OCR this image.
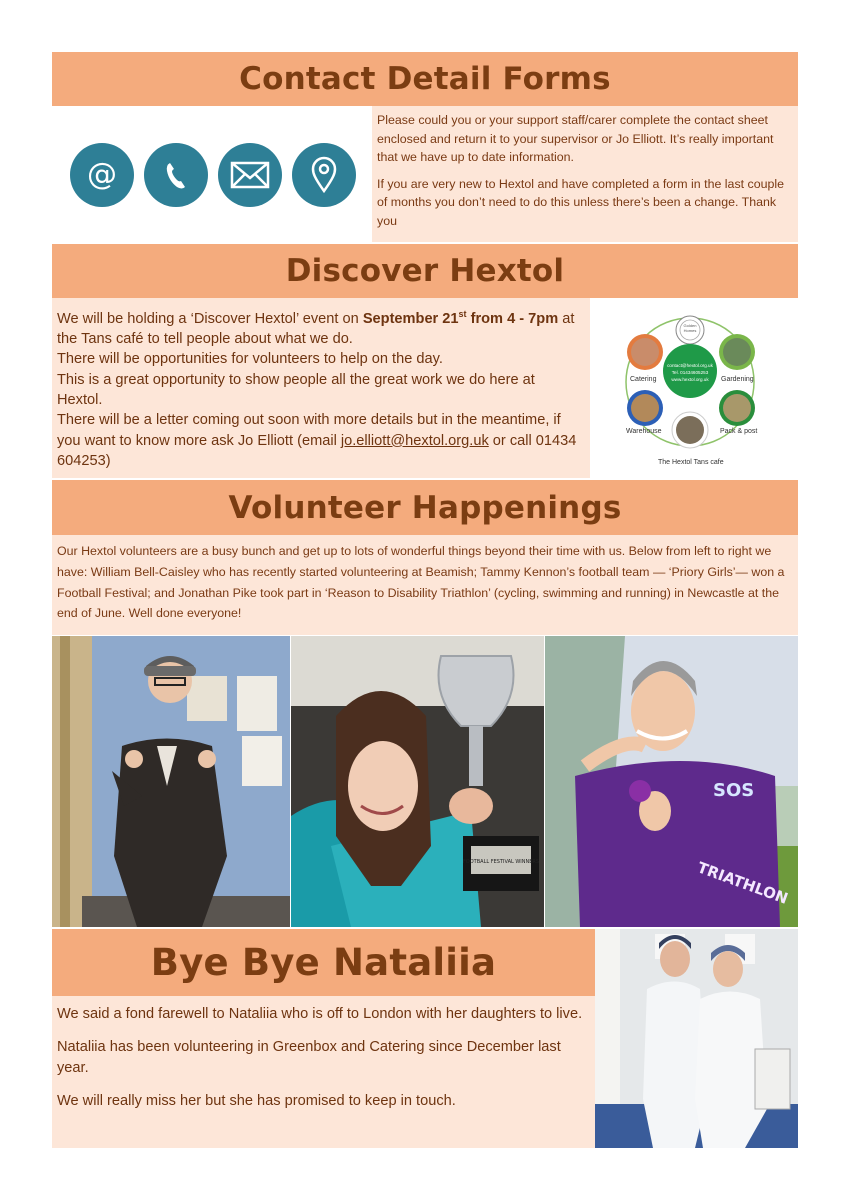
Contact Detail Forms
@

Please could you or your support staff/carer complete the contact sheet enclosed and return it to your supervisor or Jo Elliott. It’s really important that we have up to date information.

If you are very new to Hextol and have completed a form in the last couple of months you don’t need to do this unless there’s been a change. Thank you

Discover Hextol

We will be holding a ‘Discover Hextol’ event on September 21st from 4 - 7pm at the Tans café to tell people about what we do.

There will be opportunities for volunteers to help on the day.

This is a great opportunity to show people all the great work we do here at Hextol.

There will be a letter coming out soon with more details but in the meantime, if you want to know more ask Jo Elliott (email jo.elliott@hextol.org.uk or call 01434 604253)

Golden Homes
contact@hextol.org.uk
Tel. 01434605253
www.hextol.org.uk
Catering	Gardening
Warehouse	Pack & post
The Hextol Tans cafe
Volunteer Happenings

Our Hextol volunteers are a busy bunch and get up to lots of wonderful things beyond their time with us. Below from left to right we have: William Bell-Caisley who has recently started volunteering at Beamish; Tammy Kennon’s football team — ‘Priory Girls’— won a Football Festival; and Jonathan Pike took part in ‘Reason to Disability Triathlon’ (cycling, swimming and running) in Newcastle at the end of June. Well done everyone!

FOOTBALL FESTIVAL WINNERS
SOS
TRIATHLON
Bye Bye Nataliia

We said a fond farewell to Nataliia who is off to London with her daughters to live.

Nataliia has been volunteering in Greenbox and Catering since December last year.

We will really miss her but she has promised to keep in touch.
